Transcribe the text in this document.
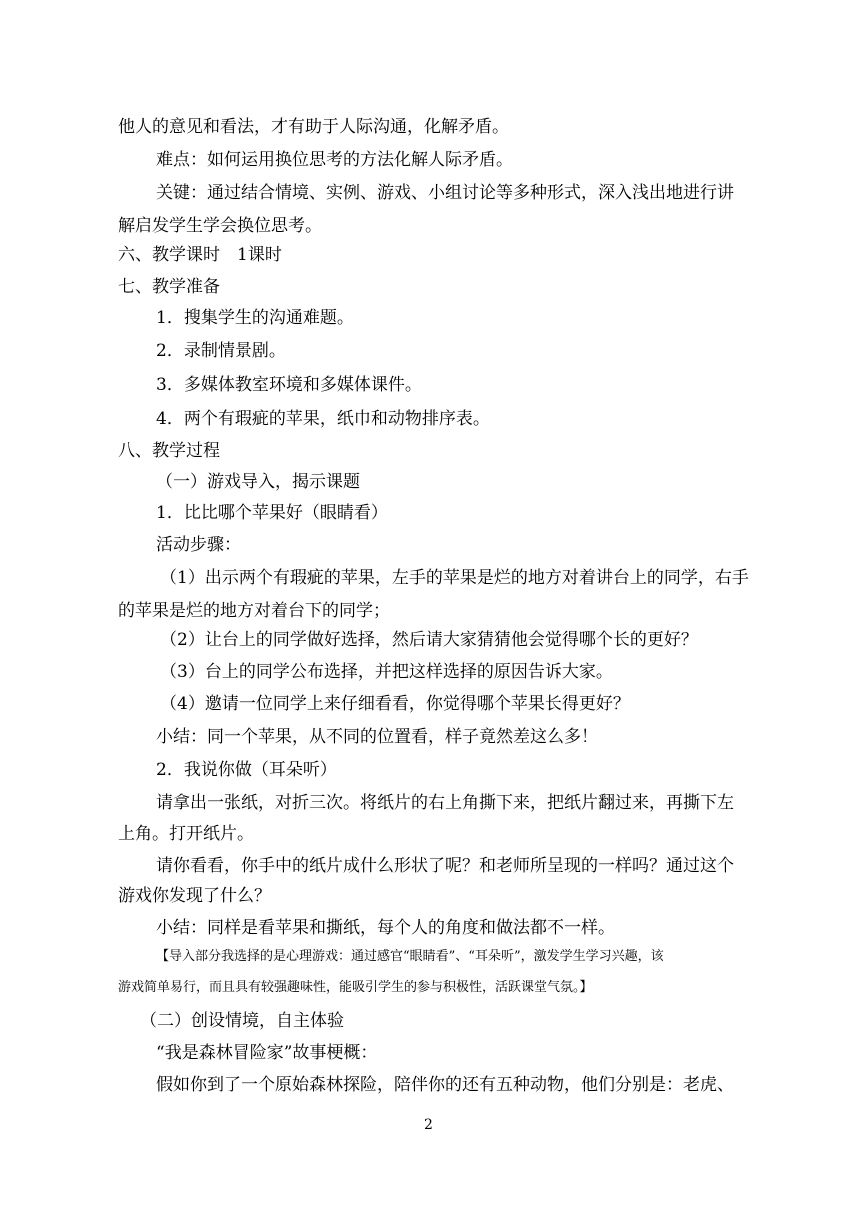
他人的意见和看法，才有助于人际沟通，化解矛盾。
难点：如何运用换位思考的方法化解人际矛盾。
关键：通过结合情境、实例、游戏、小组讨论等多种形式，深入浅出地进行讲
解启发学生学会换位思考。
六、教学课时　1课时
七、教学准备
1．搜集学生的沟通难题。
2．录制情景剧。
3．多媒体教室环境和多媒体课件。
4．两个有瑕疵的苹果，纸巾和动物排序表。
八、教学过程
（一）游戏导入，揭示课题
1．比比哪个苹果好（眼睛看）
活动步骤：
（1）出示两个有瑕疵的苹果，左手的苹果是烂的地方对着讲台上的同学，右手
的苹果是烂的地方对着台下的同学；
（2）让台上的同学做好选择，然后请大家猜猜他会觉得哪个长的更好？
（3）台上的同学公布选择，并把这样选择的原因告诉大家。
（4）邀请一位同学上来仔细看看，你觉得哪个苹果长得更好？
小结：同一个苹果，从不同的位置看，样子竟然差这么多！
2．我说你做（耳朵听）
请拿出一张纸，对折三次。将纸片的右上角撕下来，把纸片翻过来，再撕下左
上角。打开纸片。
请你看看，你手中的纸片成什么形状了呢？和老师所呈现的一样吗？通过这个
游戏你发现了什么？
小结：同样是看苹果和撕纸，每个人的角度和做法都不一样。
【导入部分我选择的是心理游戏：通过感官“眼睛看”、“耳朵听”，激发学生学习兴趣，该
游戏简单易行，而且具有较强趣味性，能吸引学生的参与积极性，活跃课堂气氛。】
（二）创设情境，自主体验
“我是森林冒险家”故事梗概：
假如你到了一个原始森林探险，陪伴你的还有五种动物，他们分别是：老虎、
2
